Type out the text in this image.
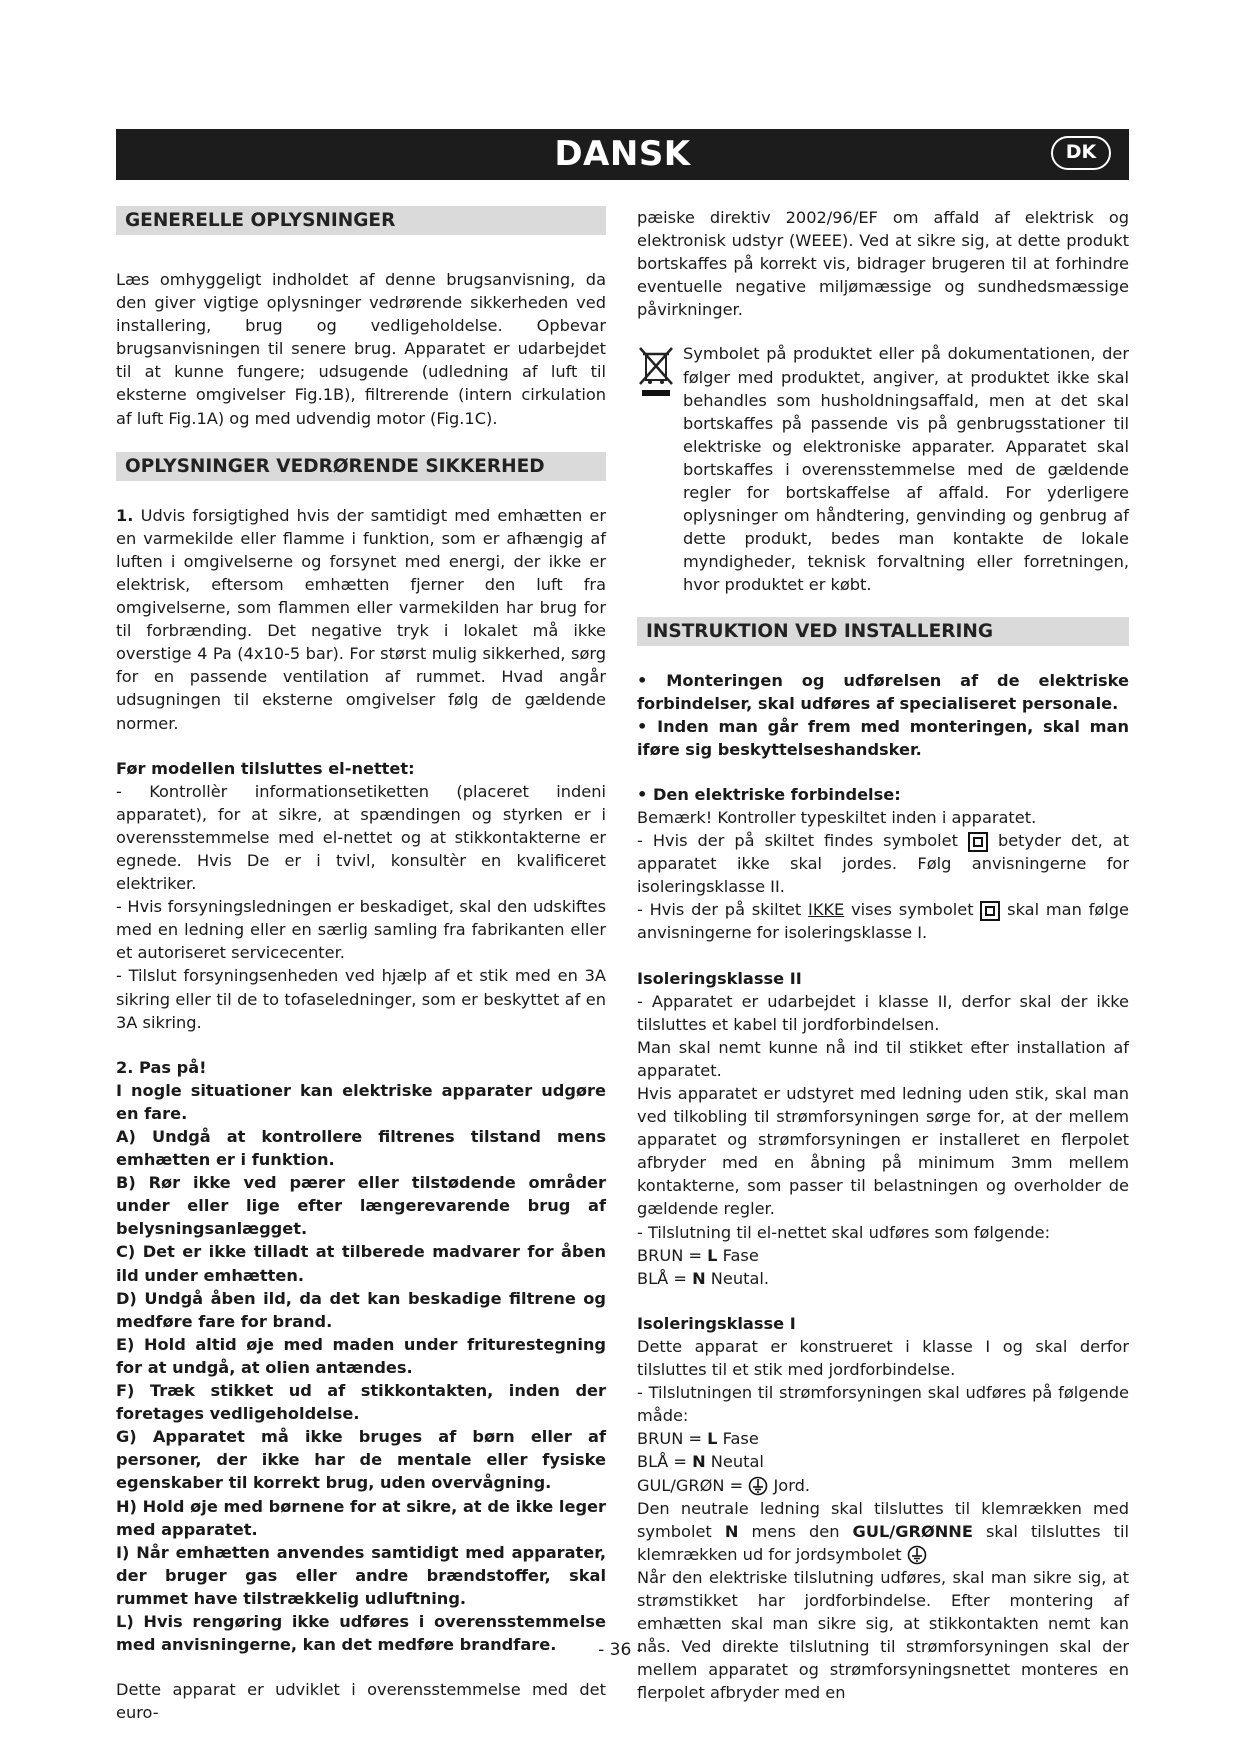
DANSK	DK
GENERELLE OPLYSNINGER

Læs omhyggeligt indholdet af denne brugsanvisning, da den giver vigtige oplysninger vedrørende sikkerheden ved installering, brug og vedligeholdelse. Opbevar brugsanvisningen til senere brug. Apparatet er udarbejdet til at kunne fungere; udsugende (udledning af luft til eksterne omgivelser Fig.1B), filtrerende (intern cirkulation af luft Fig.1A) og med udvendig motor (Fig.1C).

OPLYSNINGER VEDRØRENDE SIKKERHED

1. Udvis forsigtighed hvis der samtidigt med emhætten er en varmekilde eller flamme i funktion, som er afhængig af luften i omgivelserne og forsynet med energi, der ikke er elektrisk, eftersom emhætten fjerner den luft fra omgivelserne, som flammen eller varmekilden har brug for til forbrænding. Det negative tryk i lokalet må ikke overstige 4 Pa (4x10-5 bar). For størst mulig sikkerhed, sørg for en passende ventilation af rummet. Hvad angår udsugningen til eksterne omgivelser følg de gældende normer.

Før modellen tilsluttes el-nettet:

- Kontrollèr informationsetiketten (placeret indeni apparatet), for at sikre, at spændingen og styrken er i overensstemmelse med el-nettet og at stikkontakterne er egnede. Hvis De er i tvivl, konsultèr en kvalificeret elektriker.

- Hvis forsyningsledningen er beskadiget, skal den udskiftes med en ledning eller en særlig samling fra fabrikanten eller et autoriseret servicecenter.

- Tilslut forsyningsenheden ved hjælp af et stik med en 3A sikring eller til de to tofaseledninger, som er beskyttet af en 3A sikring.

2. Pas på!

I nogle situationer kan elektriske apparater udgøre en fare.

A) Undgå at kontrollere filtrenes tilstand mens emhætten er i funktion.

B) Rør ikke ved pærer eller tilstødende områder under eller lige efter længerevarende brug af belysningsanlægget.

C) Det er ikke tilladt at tilberede madvarer for åben ild under emhætten.

D) Undgå åben ild, da det kan beskadige filtrene og medføre fare for brand.

E) Hold altid øje med maden under friturestegning for at undgå, at olien antændes.

F) Træk stikket ud af stikkontakten, inden der foretages vedligeholdelse.

G) Apparatet må ikke bruges af børn eller af personer, der ikke har de mentale eller fysiske egenskaber til korrekt brug, uden overvågning.

H) Hold øje med børnene for at sikre, at de ikke leger med apparatet.

I) Når emhætten anvendes samtidigt med apparater, der bruger gas eller andre brændstoffer, skal rummet have tilstrækkelig udluftning.

L) Hvis rengøring ikke udføres i overensstemmelse med anvisningerne, kan det medføre brandfare.

Dette apparat er udviklet i overensstemmelse med det euro-

pæiske direktiv 2002/96/EF om affald af elektrisk og elektronisk udstyr (WEEE). Ved at sikre sig, at dette produkt bortskaffes på korrekt vis, bidrager brugeren til at forhindre eventuelle negative miljømæssige og sundhedsmæssige påvirkninger.

Symbolet på produktet eller på dokumentationen, der følger med produktet, angiver, at produktet ikke skal behandles som husholdningsaffald, men at det skal bortskaffes på passende vis på genbrugsstationer til elektriske og elektroniske apparater. Apparatet skal bortskaffes i overensstemmelse med de gældende regler for bortskaffelse af affald. For yderligere oplysninger om håndtering, genvinding og genbrug af dette produkt, bedes man kontakte de lokale myndigheder, teknisk forvaltning eller forretningen, hvor produktet er købt.

INSTRUKTION VED INSTALLERING

• Monteringen og udførelsen af de elektriske forbindelser, skal udføres af specialiseret personale.

• Inden man går frem med monteringen, skal man iføre sig beskyttelseshandsker.

• Den elektriske forbindelse:

Bemærk! Kontroller typeskiltet inden i apparatet.

- Hvis der på skiltet findes symbolet betyder det, at apparatet ikke skal jordes. Følg anvisningerne for isoleringsklasse II.

- Hvis der på skiltet IKKE vises symbolet skal man følge anvisningerne for isoleringsklasse I.

Isoleringsklasse II

- Apparatet er udarbejdet i klasse II, derfor skal der ikke tilsluttes et kabel til jordforbindelsen.

Man skal nemt kunne nå ind til stikket efter installation af apparatet.

Hvis apparatet er udstyret med ledning uden stik, skal man ved tilkobling til strømforsyningen sørge for, at der mellem apparatet og strømforsyningen er installeret en flerpolet afbryder med en åbning på minimum 3mm mellem kontakterne, som passer til belastningen og overholder de gældende regler.

- Tilslutning til el-nettet skal udføres som følgende:

BRUN = L Fase

BLÅ = N Neutal.

Isoleringsklasse I

Dette apparat er konstrueret i klasse I og skal derfor tilsluttes til et stik med jordforbindelse.

- Tilslutningen til strømforsyningen skal udføres på følgende måde:

BRUN = L Fase

BLÅ = N Neutal

GUL/GRØN =  Jord.

Den neutrale ledning skal tilsluttes til klemrækken med symbolet N mens den GUL/GRØNNE skal tilsluttes til klemrækken ud for jordsymbolet

Når den elektriske tilslutning udføres, skal man sikre sig, at strømstikket har jordforbindelse. Efter montering af emhætten skal man sikre sig, at stikkontakten nemt kan nås. Ved direkte tilslutning til strømforsyningen skal der mellem apparatet og strømforsyningsnettet monteres en flerpolet afbryder med en

- 36 -
